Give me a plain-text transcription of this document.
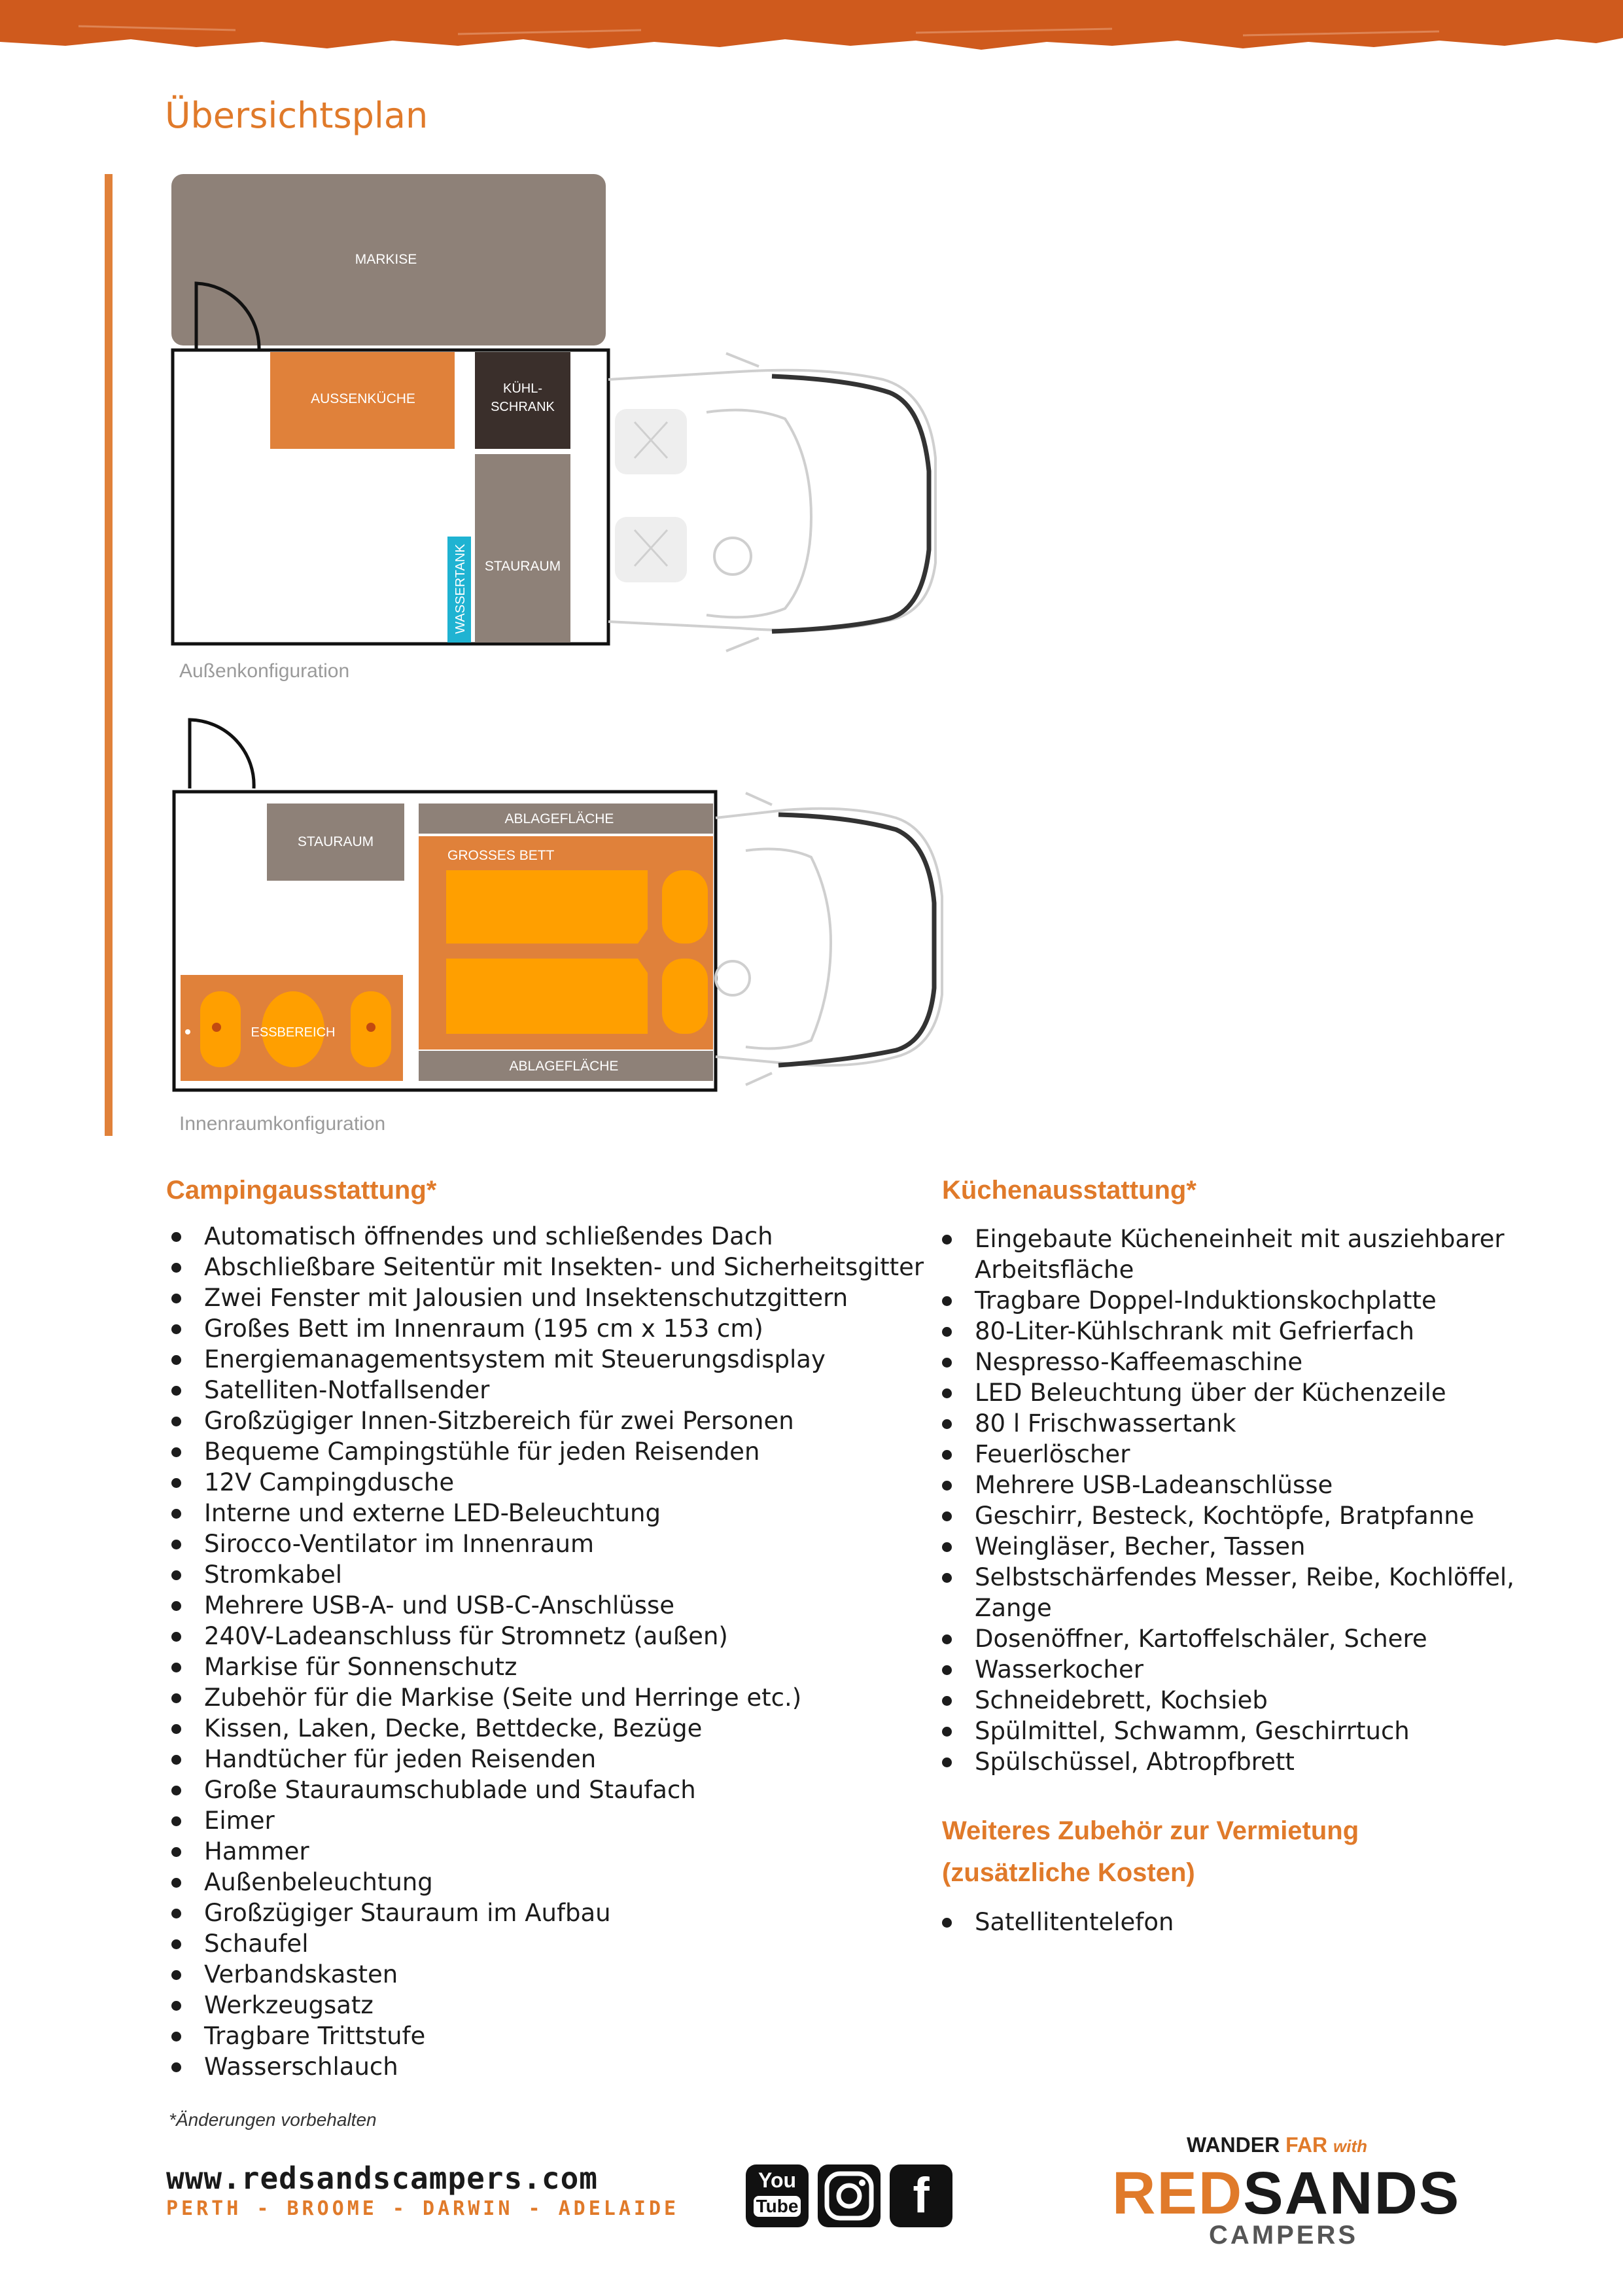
Übersichtsplan
MARKISE
AUSSENKÜCHE
KÜHL-
SCHRANK
STAURAUM
WASSERTANK
Außenkonfiguration
STAURAUM
ABLAGEFLÄCHE
GROSSES BETT
ABLAGEFLÄCHE
ESSBEREICH
Innenraumkonfiguration
Campingausstattung*
Automatisch öffnendes und schließendes Dach
Abschließbare Seitentür mit Insekten- und Sicherheitsgitter
Zwei Fenster mit Jalousien und Insektenschutzgittern
Großes Bett im Innenraum (195 cm x 153 cm)
Energiemanagementsystem mit Steuerungsdisplay
Satelliten-Notfallsender
Großzügiger Innen-Sitzbereich für zwei Personen
Bequeme Campingstühle für jeden Reisenden
12V Campingdusche
Interne und externe LED-Beleuchtung
Sirocco-Ventilator im Innenraum
Stromkabel
Mehrere USB-A- und USB-C-Anschlüsse
240V-Ladeanschluss für Stromnetz (außen)
Markise für Sonnenschutz
Zubehör für die Markise (Seite und Herringe etc.)
Kissen, Laken, Decke, Bettdecke, Bezüge
Handtücher für jeden Reisenden
Große Stauraumschublade und Staufach
Eimer
Hammer
Außenbeleuchtung
Großzügiger Stauraum im Aufbau
Schaufel
Verbandskasten
Werkzeugsatz
Tragbare Trittstufe
Wasserschlauch
Küchenausstattung*
Eingebaute Kücheneinheit mit ausziehbarer Arbeitsfläche
Tragbare Doppel-Induktionskochplatte
80-Liter-Kühlschrank mit Gefrierfach
Nespresso-Kaffeemaschine
LED Beleuchtung über der Küchenzeile
80 l Frischwassertank
Feuerlöscher
Mehrere USB-Ladeanschlüsse
Geschirr, Besteck, Kochtöpfe, Bratpfanne
Weingläser, Becher, Tassen
Selbstschärfendes Messer, Reibe, Kochlöffel, Zange
Dosenöffner, Kartoffelschäler, Schere
Wasserkocher
Schneidebrett, Kochsieb
Spülmittel, Schwamm, Geschirrtuch
Spülschüssel, Abtropfbrett
Weiteres Zubehör zur Vermietung
(zusätzliche Kosten)
Satellitentelefon
*Änderungen vorbehalten
www.redsandscampers.com
PERTH - BROOME - DARWIN - ADELAIDE
You
Tube	f
WANDER FAR with
REDSANDS
CAMPERS
